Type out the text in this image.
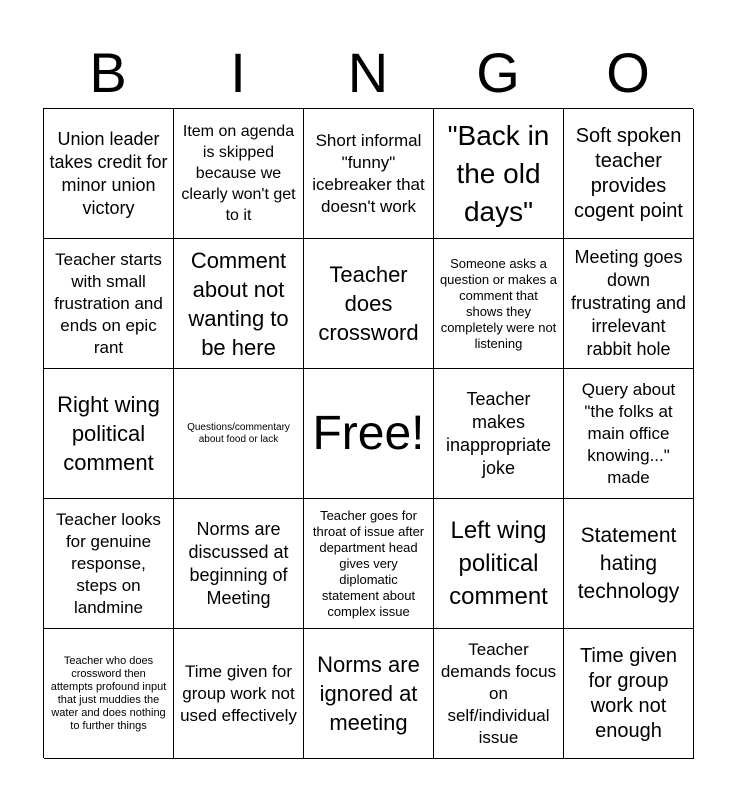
B	I	N	G	O
Union leader takes credit for minor union victory
Item on agenda is skipped because we clearly won't get to it
Short informal "funny" icebreaker that doesn't work
"Back in the old days"
Soft spoken teacher provides cogent point
Teacher starts with small frustration and ends on epic rant
Comment about not wanting to be here
Teacher does crossword
Someone asks a question or makes a comment that shows they completely were not listening
Meeting goes down frustrating and irrelevant rabbit hole
Right wing political comment
Questions/commentary about food or lack Free!
Teacher makes inappropriate joke
Query about "the folks at main office knowing..." made
Teacher looks for genuine response, steps on landmine
Norms are discussed at beginning of Meeting
Teacher goes for throat of issue after department head gives very diplomatic statement about complex issue
Left wing political comment
Statement hating technology
Teacher who does crossword then attempts profound input that just muddies the water and does nothing to further things
Time given for group work not used effectively
Norms are ignored at meeting
Teacher demands focus on self/individual issue
Time given for group work not enough
